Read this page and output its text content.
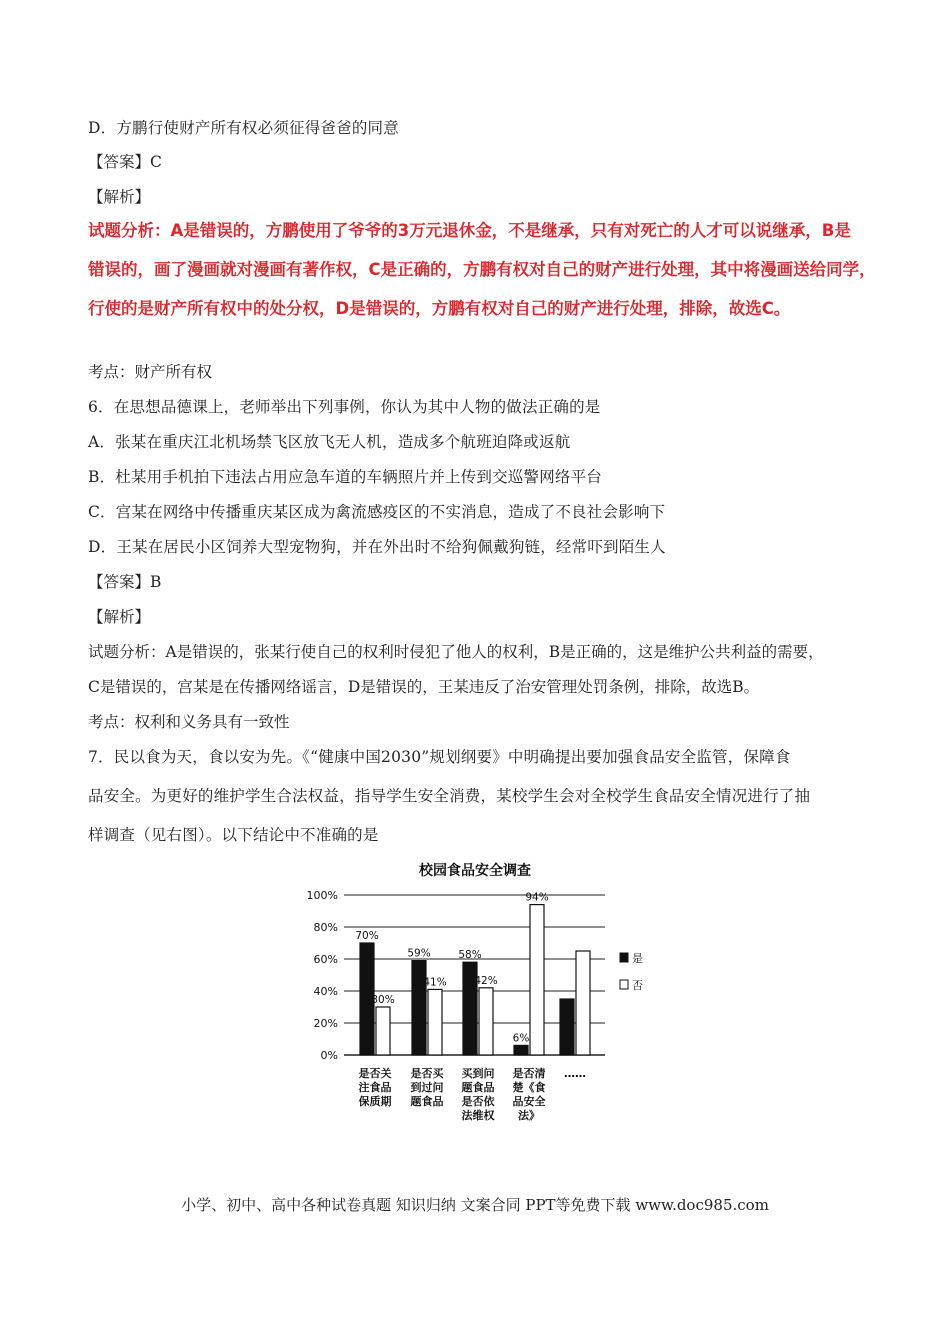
D．方鹏行使财产所有权必须征得爸爸的同意
【答案】C
【解析】
试题分析：A是错误的，方鹏使用了爷爷的3万元退休金，不是继承，只有对死亡的人才可以说继承，B是
错误的，画了漫画就对漫画有著作权，C是正确的，方鹏有权对自己的财产进行处理，其中将漫画送给同学，
行使的是财产所有权中的处分权，D是错误的，方鹏有权对自己的财产进行处理，排除，故选C。
考点：财产所有权
6．在思想品德课上，老师举出下列事例，你认为其中人物的做法正确的是
A．张某在重庆江北机场禁飞区放飞无人机，造成多个航班迫降或返航
B．杜某用手机拍下违法占用应急车道的车辆照片并上传到交巡警网络平台
C．宫某在网络中传播重庆某区成为禽流感疫区的不实消息，造成了不良社会影响下
D．王某在居民小区饲养大型宠物狗，并在外出时不给狗佩戴狗链，经常吓到陌生人
【答案】B
【解析】
试题分析：A是错误的，张某行使自己的权利时侵犯了他人的权利，B是正确的，这是维护公共利益的需要，
C是错误的，宫某是在传播网络谣言，D是错误的，王某违反了治安管理处罚条例，排除，故选B。
考点：权利和义务具有一致性
7．民以食为天，食以安为先。《“健康中国2030”规划纲要》中明确提出要加强食品安全监管，保障食
品安全。为更好的维护学生合法权益，指导学生安全消费，某校学生会对全校学生食品安全情况进行了抽
样调查（见右图）。以下结论中不准确的是
校园食品安全调查
0%
20%
40%
60%
80%
100%
70%
59%	58%
6%
30%
41%	42%
94%
是否关注食品保质期
是否买到过问题食品
买到问题食品是否依法维权
是否清楚《食品安全法》
……
是
否
小学、初中、高中各种试卷真题 知识归纳 文案合同 PPT等免费下载 www.doc985.com
